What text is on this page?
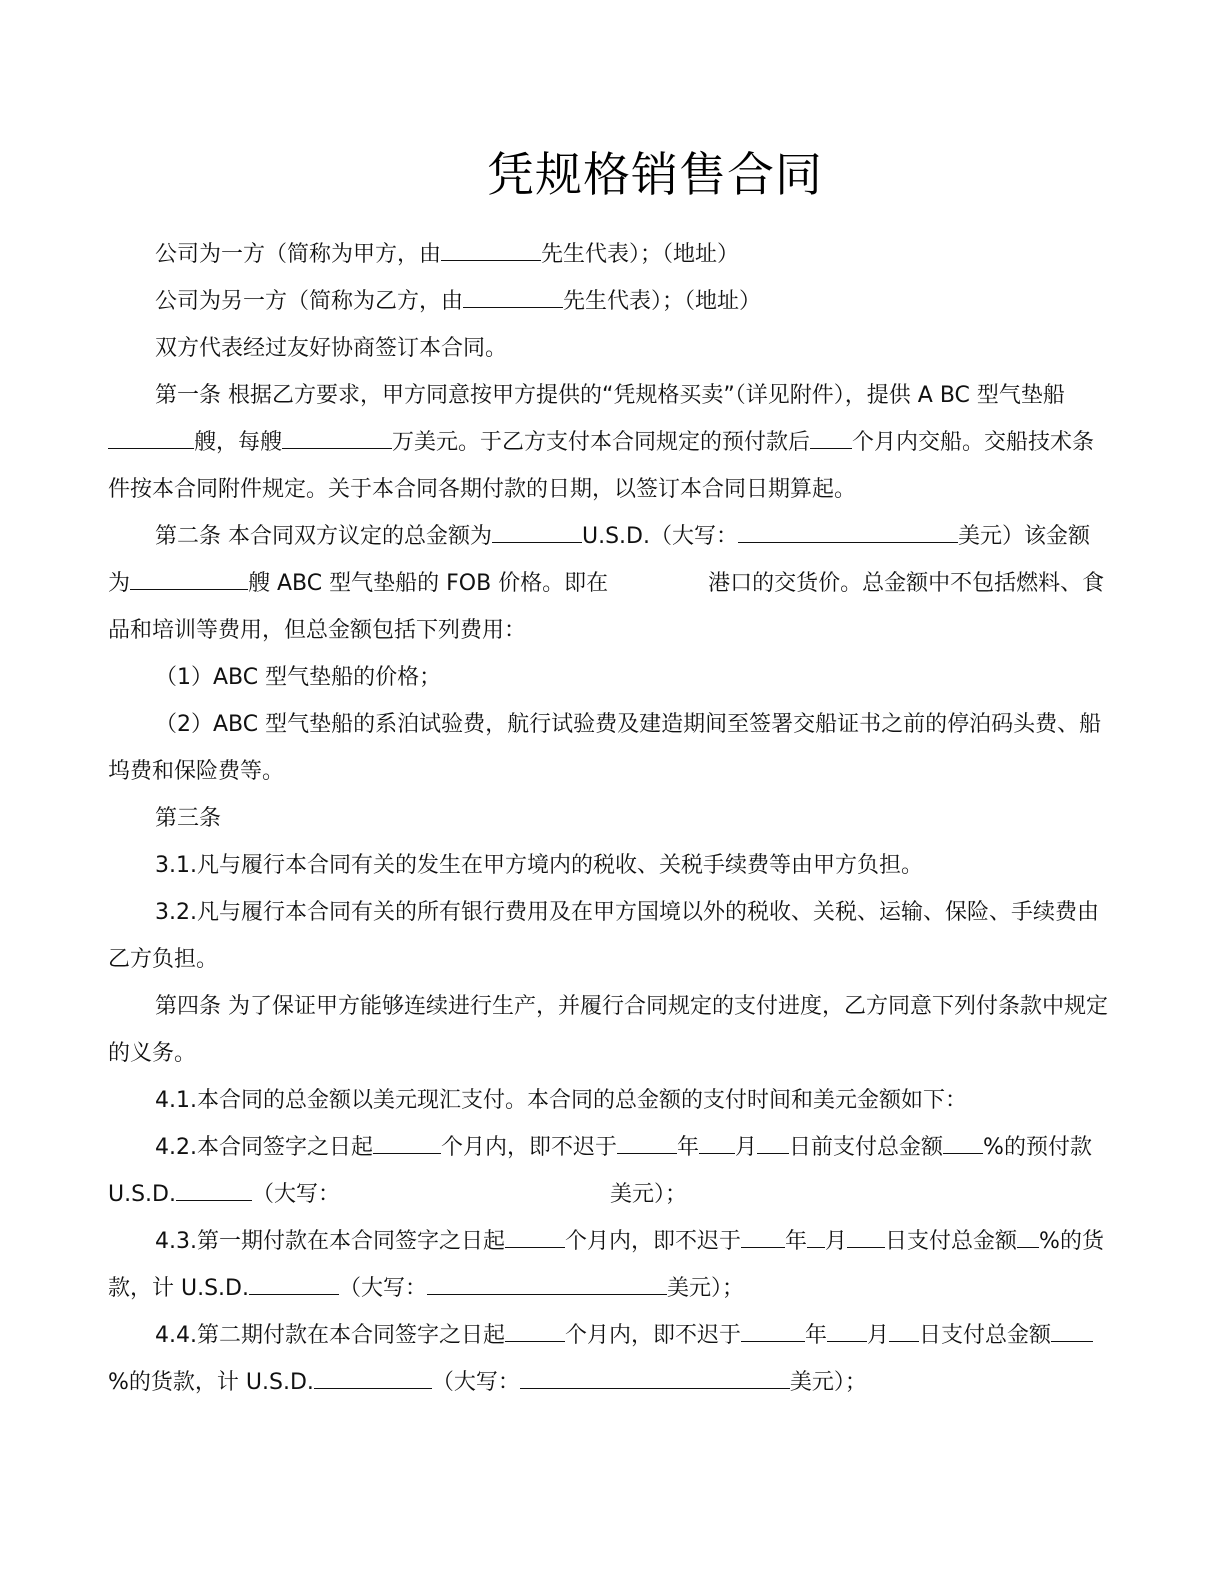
凭规格销售合同

公司为一方（简称为甲方，由	先生代表）；（地址）

公司为另一方（简称为乙方，由	先生代表）；（地址）

双方代表经过友好协商签订本合同。

第一条 根据乙方要求，甲方同意按甲方提供的“凭规格买卖”（详见附件），提供 A BC 型气垫船艘，每艘	万美元。于乙方支付本合同规定的预付款后 个月内交船。交船技术条件按本合同附件规定。关于本合同各期付款的日期，以签订本合同日期算起。

第二条 本合同双方议定的总金额为	U.S.D.（大写：	美元）该金额为	艘 ABC 型气垫船的 FOB 价格。即在	港口的交货价。总金额中不包括燃料、食品和培训等费用，但总金额包括下列费用：

（1）ABC 型气垫船的价格；

（2）ABC 型气垫船的系泊试验费，航行试验费及建造期间至签署交船证书之前的停泊码头费、船坞费和保险费等。

第三条

3.1.凡与履行本合同有关的发生在甲方境内的税收、关税手续费等由甲方负担。

3.2.凡与履行本合同有关的所有银行费用及在甲方国境以外的税收、关税、运输、保险、手续费由乙方负担。

第四条 为了保证甲方能够连续进行生产，并履行合同规定的支付进度，乙方同意下列付条款中规定的义务。

4.1.本合同的总金额以美元现汇支付。本合同的总金额的支付时间和美元金额如下：

4.2.本合同签字之日起	个月内，即不迟于	年 月 日前支付总金额 %的预付款 U.S.D.	（大写：	美元）；

4.3.第一期付款在本合同签字之日起	个月内，即不迟于 年 月 日支付总金额 %的货款，计 U.S.D.	（大写：	美元）；

4.4.第二期付款在本合同签字之日起	个月内，即不迟于	年 月 日支付总金额%的货款，计 U.S.D.	（大写：	美元）；
